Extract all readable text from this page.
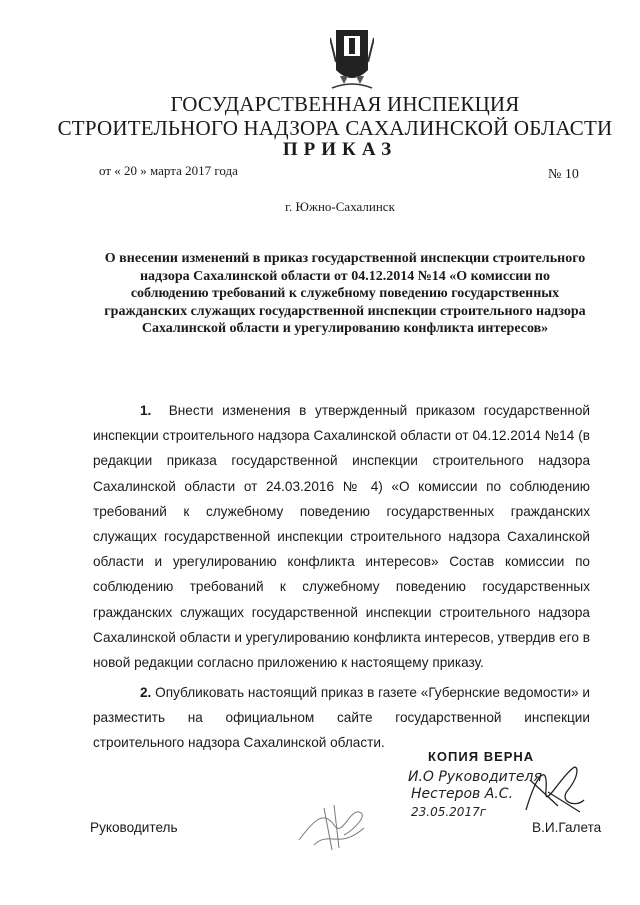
ГОСУДАРСТВЕННАЯ ИНСПЕКЦИЯ
СТРОИТЕЛЬНОГО НАДЗОРА САХАЛИНСКОЙ ОБЛАСТИ
ПРИКАЗ
от « 20 » марта 2017 года	№ 10
г. Южно-Сахалинск
О внесении изменений в приказ государственной инспекции строительного надзора Сахалинской области от 04.12.2014 №14 «О комиссии по соблюдению требований к служебному поведению государственных гражданских служащих государственной инспекции строительного надзора Сахалинской области и урегулированию конфликта интересов»
1. Внести изменения в утвержденный приказом государственной инспекции строительного надзора Сахалинской области от 04.12.2014 №14 (в редакции приказа государственной инспекции строительного надзора Сахалинской области от 24.03.2016 № 4) «О комиссии по соблюдению требований к служебному поведению государственных гражданских служащих государственной инспекции строительного надзора Сахалинской области и урегулированию конфликта интересов» Состав комиссии по соблюдению требований к служебному поведению государственных гражданских служащих государственной инспекции строительного надзора Сахалинской области и урегулированию конфликта интересов, утвердив его в новой редакции согласно приложению к настоящему приказу.
2. Опубликовать настоящий приказ в газете «Губернские ведомости» и разместить на официальном сайте государственной инспекции строительного надзора Сахалинской области.
КОПИЯ ВЕРНА
И.О Руководителя
Нестеров А.С.
23.05.2017г
Руководитель	В.И.Галета
